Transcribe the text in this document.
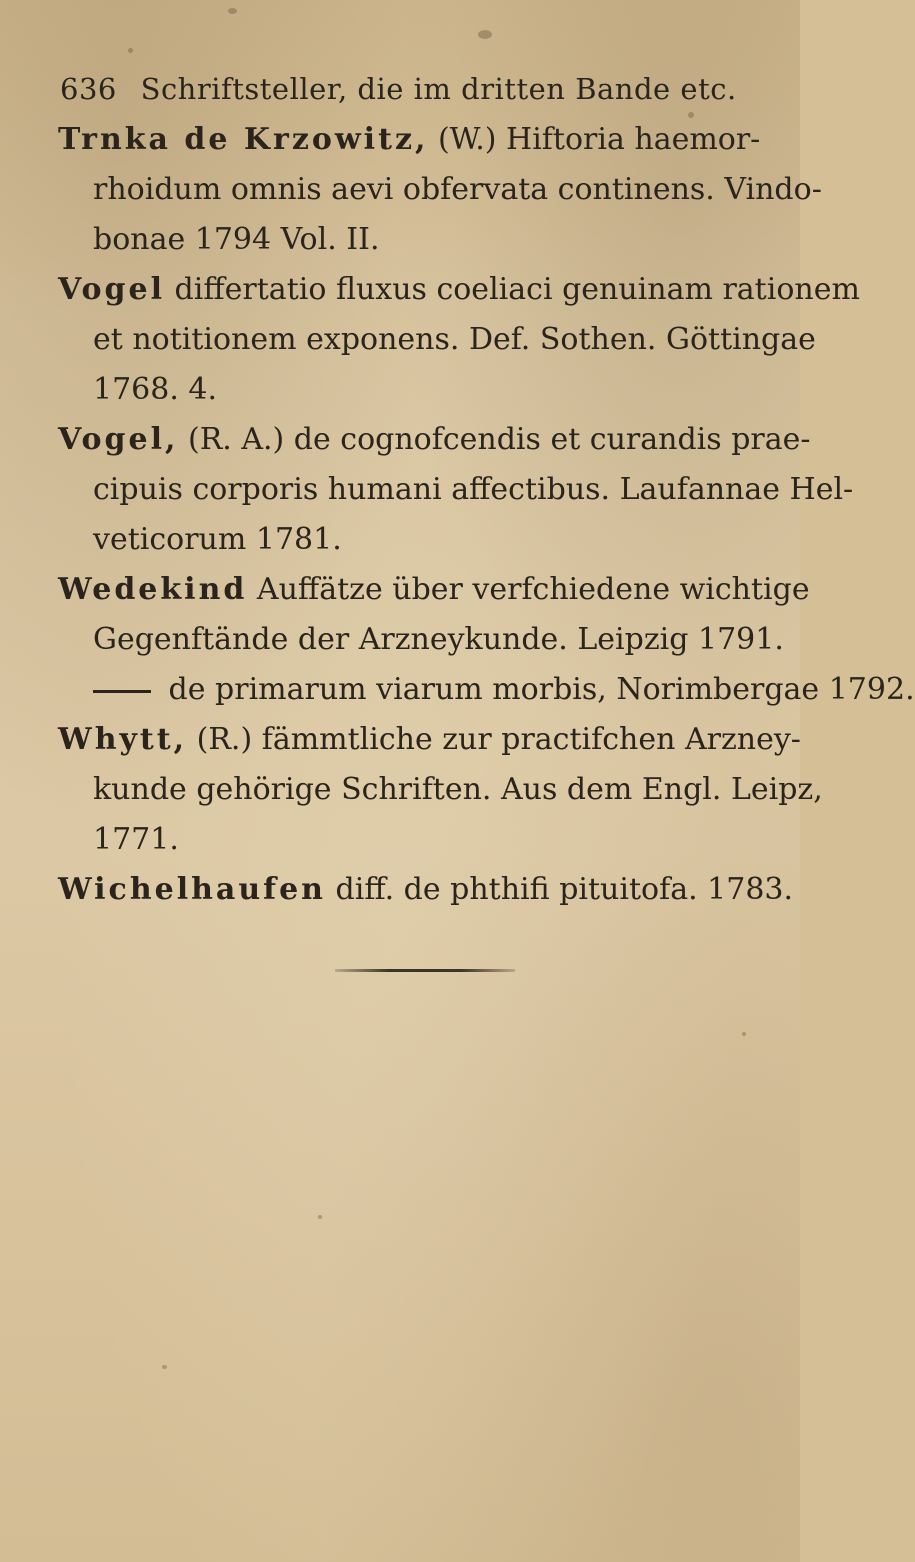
636 Schriftsteller, die im dritten Bande etc.
Trnka de Krzowitz, (W.) Hiftoria haemor-
rhoidum omnis aevi obfervata continens. Vindo-
bonae 1794 Vol. II.
Vogel differtatio fluxus coeliaci genuinam rationem
et notitionem exponens. Def. Sothen. Göttingae
1768. 4.
Vogel, (R. A.) de cognofcendis et curandis prae-
cipuis corporis humani affectibus. Laufannae Hel-
veticorum 1781.
Wedekind Auffätze über verfchiedene wichtige
Gegenftände der Arzneykunde. Leipzig 1791.
de primarum viarum morbis, Norimbergae 1792.
Whytt, (R.) fämmtliche zur practifchen Arzney-
kunde gehörige Schriften. Aus dem Engl. Leipz,
1771.
Wichelhaufen diff. de phthifi pituitofa. 1783.
